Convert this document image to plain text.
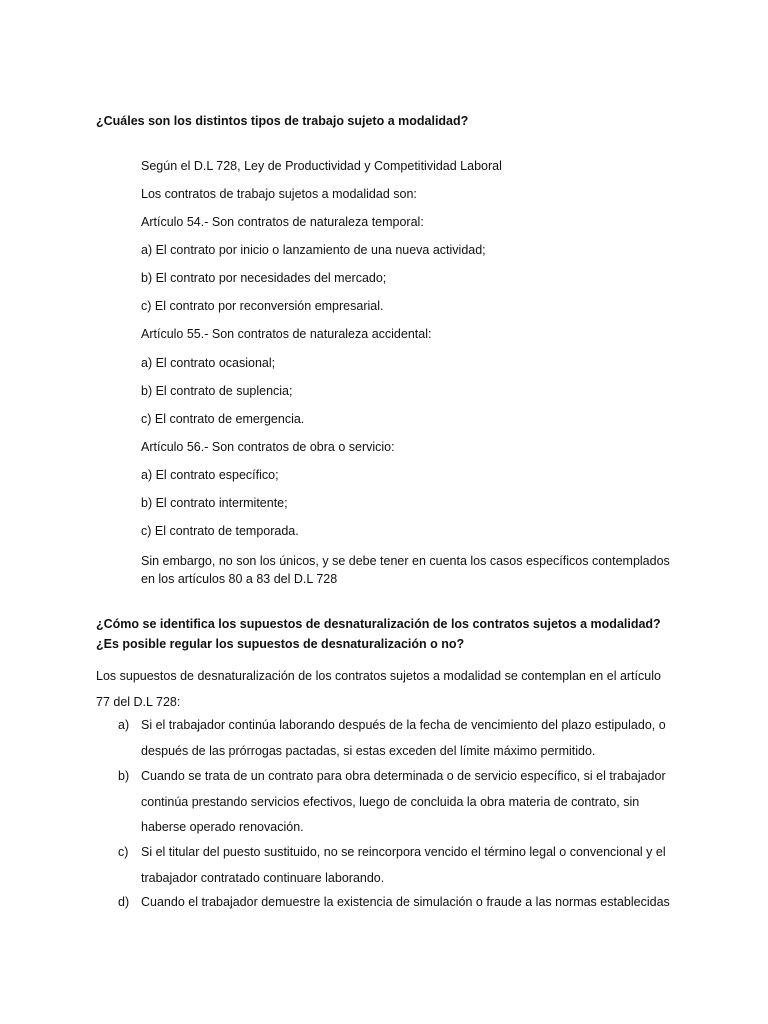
¿Cuáles son los distintos tipos de trabajo sujeto a modalidad?

Según el D.L 728, Ley de Productividad y Competitividad Laboral

Los contratos de trabajo sujetos a modalidad son:

Artículo 54.- Son contratos de naturaleza temporal:

a) El contrato por inicio o lanzamiento de una nueva actividad;

b) El contrato por necesidades del mercado;

c) El contrato por reconversión empresarial.

Artículo 55.- Son contratos de naturaleza accidental:

a) El contrato ocasional;

b) El contrato de suplencia;

c) El contrato de emergencia.

Artículo 56.- Son contratos de obra o servicio:

a) El contrato específico;

b) El contrato intermitente;

c) El contrato de temporada.

Sin embargo, no son los únicos, y se debe tener en cuenta los casos específicos contemplados en los artículos 80 a 83 del D.L 728

¿Cómo se identifica los supuestos de desnaturalización de los contratos sujetos a modalidad? ¿Es posible regular los supuestos de desnaturalización o no?

Los supuestos de desnaturalización de los contratos sujetos a modalidad se contemplan en el artículo 77 del D.L 728:

a) Si el trabajador continúa laborando después de la fecha de vencimiento del plazo estipulado, o después de las prórrogas pactadas, si estas exceden del límite máximo permitido.
b) Cuando se trata de un contrato para obra determinada o de servicio específico, si el trabajador continúa prestando servicios efectivos, luego de concluida la obra materia de contrato, sin haberse operado renovación.
c) Si el titular del puesto sustituido, no se reincorpora vencido el término legal o convencional y el trabajador contratado continuare laborando.
d) Cuando el trabajador demuestre la existencia de simulación o fraude a las normas establecidas
